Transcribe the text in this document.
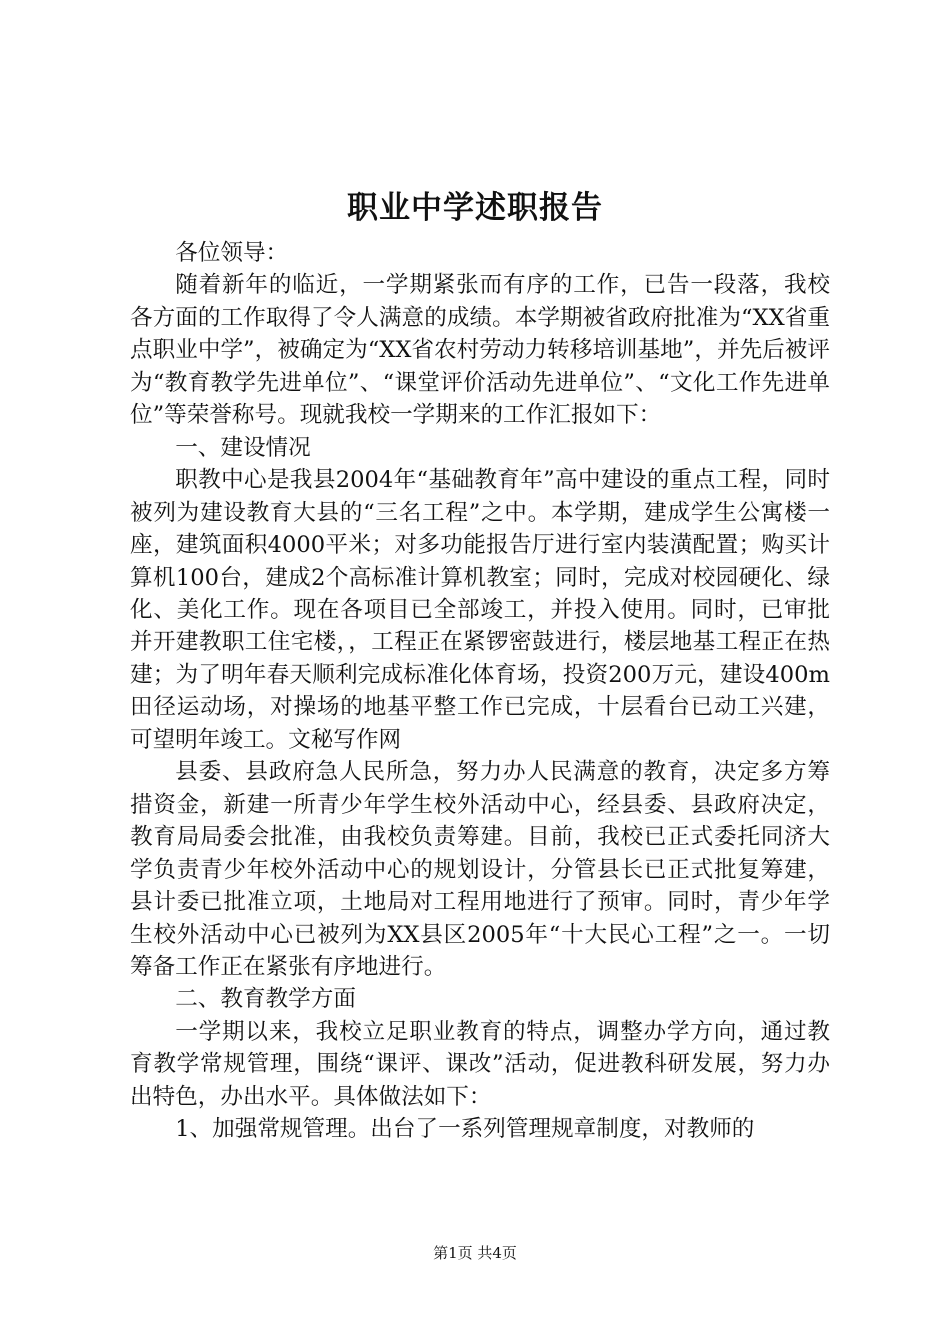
职业中学述职报告

各位领导：

随着新年的临近，一学期紧张而有序的工作，已告一段落，我校各方面的工作取得了令人满意的成绩。本学期被省政府批准为“XX省重点职业中学”，被确定为“XX省农村劳动力转移培训基地”，并先后被评为“教育教学先进单位”、“课堂评价活动先进单位”、“文化工作先进单位”等荣誉称号。现就我校一学期来的工作汇报如下：

一、建设情况

职教中心是我县2004年“基础教育年”高中建设的重点工程，同时被列为建设教育大县的“三名工程”之中。本学期，建成学生公寓楼一座，建筑面积4000平米；对多功能报告厅进行室内装潢配置；购买计算机100台，建成2个高标准计算机教室；同时，完成对校园硬化、绿化、美化工作。现在各项目已全部竣工，并投入使用。同时，已审批并开建教职工住宅楼，，工程正在紧锣密鼓进行，楼层地基工程正在热建；为了明年春天顺利完成标准化体育场，投资200万元，建设400m田径运动场，对操场的地基平整工作已完成，十层看台已动工兴建，可望明年竣工。文秘写作网

县委、县政府急人民所急，努力办人民满意的教育，决定多方筹措资金，新建一所青少年学生校外活动中心，经县委、县政府决定，教育局局委会批准，由我校负责筹建。目前，我校已正式委托同济大学负责青少年校外活动中心的规划设计，分管县长已正式批复筹建，县计委已批准立项，土地局对工程用地进行了预审。同时，青少年学生校外活动中心已被列为XX县区2005年“十大民心工程”之一。一切筹备工作正在紧张有序地进行。

二、教育教学方面

一学期以来，我校立足职业教育的特点，调整办学方向，通过教育教学常规管理，围绕“课评、课改”活动，促进教科研发展，努力办出特色，办出水平。具体做法如下：

1、加强常规管理。出台了一系列管理规章制度，对教师的

第1页 共4页
